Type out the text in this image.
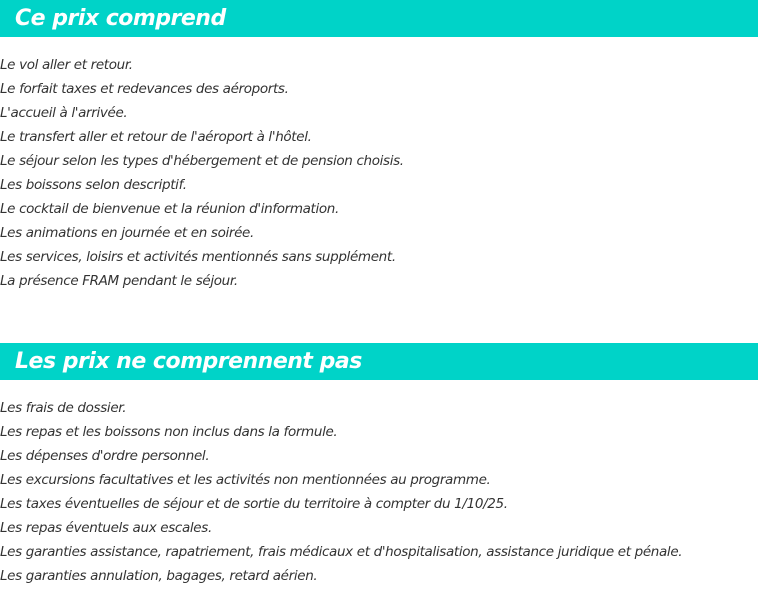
Ce prix comprend
Le vol aller et retour.
Le forfait taxes et redevances des aéroports.
L'accueil à l'arrivée.
Le transfert aller et retour de l'aéroport à l'hôtel.
Le séjour selon les types d'hébergement et de pension choisis.
Les boissons selon descriptif.
Le cocktail de bienvenue et la réunion d'information.
Les animations en journée et en soirée.
Les services, loisirs et activités mentionnés sans supplément.
La présence FRAM pendant le séjour.
Les prix ne comprennent pas
Les frais de dossier.
Les repas et les boissons non inclus dans la formule.
Les dépenses d'ordre personnel.
Les excursions facultatives et les activités non mentionnées au programme.
Les taxes éventuelles de séjour et de sortie du territoire à compter du 1/10/25.
Les repas éventuels aux escales.
Les garanties assistance, rapatriement, frais médicaux et d'hospitalisation, assistance juridique et pénale.
Les garanties annulation, bagages, retard aérien.
